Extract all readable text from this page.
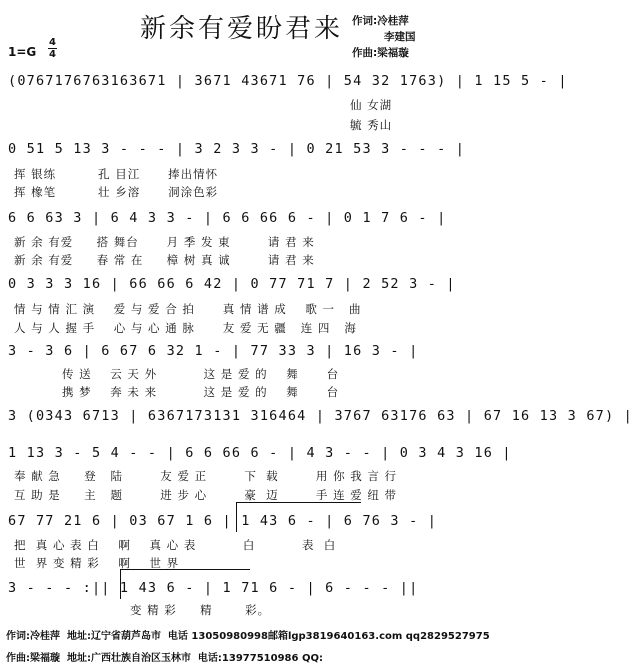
新余有爱盼君来 作词:冷桂萍
李建国
作曲:梁福璇
1=G
4
4
(0767176763163671 | 3671 43671 76 | 54 32 1763) | 1 15 5 - |
仙 女湖
毓 秀山
0 51 5 13 3 - - - | 3 2 3 3 - | 0 21 53 3 - - - |
挥 银练         孔 目江      捧出情怀
挥 橡笔         壮 乡溶      洞涂色彩
6 6 63 3 | 6 4 3 3 - | 6 6 66 6 - | 0 1 7 6 - |
新 余 有爱     搭 舞台      月 季 发 東        请 君 来
新 余 有爱     春 常 在     樟 树 真 诚        请 君 来
0 3 3 3 16 | 66 66 6 42 | 0 77 71 7 | 2 52 3 - |
情 与 情 汇 演    爱 与 爱 合 拍      真 情 谱 成    歌 一   曲
人 与 人 握 手    心 与 心 通 脉      友 爱 无 疆   连 四   海
3 - 3 6 | 6 67 6 32 1 - | 77 33 3 | 16 3 - |
传 送    云 天 外          这 是 爱 的    舞      台
携 梦    奔 未 来          这 是 爱 的    舞      台
3 (0343 6713 | 6367173131 316464 | 3767 63176 63 | 67 16 13 3 67) |
1 13 3 - 5 4 - - | 6 6 66 6 - | 4 3 - - | 0 3 4 3 16 |
奉 献 急     登   陆        友 爱 正        下  载        用 你 我 言 行
互 助 是     主   题        进 步 心        豪  迈        手 连 爱 纽 带
67 77 21 6 | 03 67 1 6 | 1 43 6 - | 6 76 3 - |
把  真 心 表 白    啊    真 心 表          白          表  白
世  界 变 精 彩    啊    世 界
3 - - - :|| 1 43 6 - | 1 71 6 - | 6 - - - ||
变 精 彩     精       彩。
作词:冷桂萍  地址:辽宁省葫芦岛市  电话 13050980998邮箱lgp3819640163.com qq2829527975
作曲:梁福璇  地址:广西壮族自治区玉林市  电话:13977510986 QQ:
